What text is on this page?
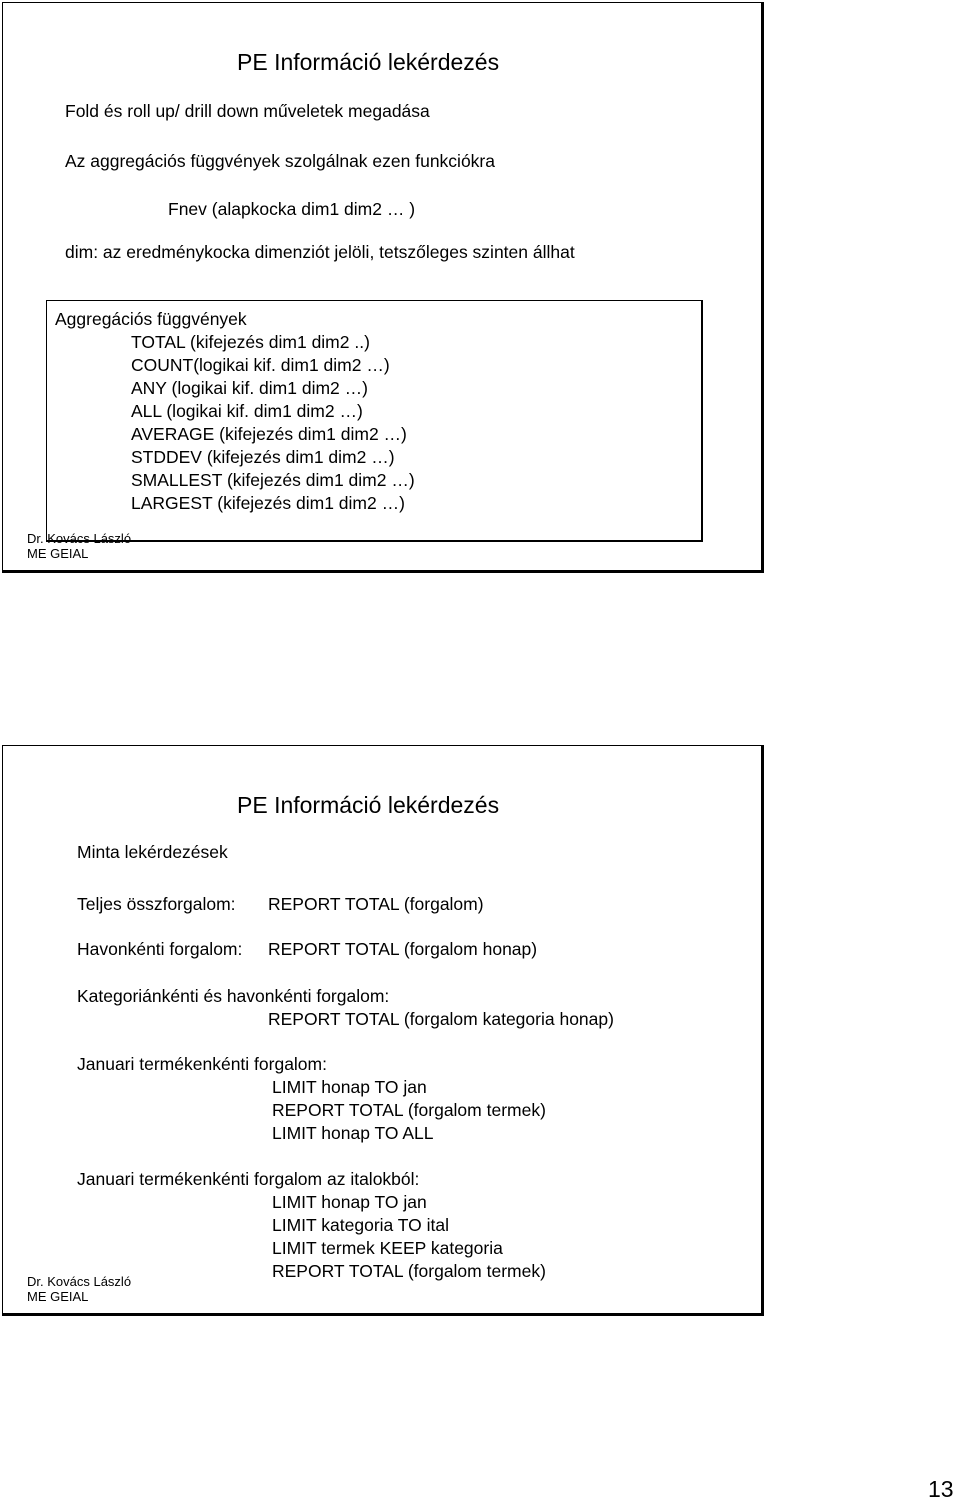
PE Információ lekérdezés
Fold és roll up/ drill down műveletek megadása
Az aggregációs függvények szolgálnak ezen funkciókra
Fnev (alapkocka dim1 dim2 … )
dim: az eredménykocka dimenziót jelöli, tetszőleges szinten állhat
Aggregációs függvények
TOTAL (kifejezés dim1 dim2 ..)
COUNT(logikai kif. dim1 dim2 …)
ANY (logikai kif. dim1 dim2 …)
ALL (logikai kif. dim1 dim2 …)
AVERAGE (kifejezés dim1 dim2 …)
STDDEV (kifejezés dim1 dim2 …)
SMALLEST (kifejezés dim1 dim2 …)
LARGEST (kifejezés dim1 dim2 …)
Dr. Kovács László
ME GEIAL
PE Információ lekérdezés
Minta lekérdezések
Teljes összforgalom: REPORT TOTAL (forgalom)
Havonkénti forgalom: REPORT TOTAL (forgalom honap)
Kategoriánkénti és havonkénti forgalom:
REPORT TOTAL (forgalom kategoria honap)
Januari termékenkénti forgalom:
LIMIT honap TO jan
REPORT TOTAL (forgalom termek)
LIMIT honap TO ALL
Januari termékenkénti forgalom az italokból:
LIMIT honap TO jan
LIMIT kategoria TO ital
LIMIT termek KEEP kategoria
REPORT TOTAL (forgalom termek)
Dr. Kovács László
ME GEIAL
13
